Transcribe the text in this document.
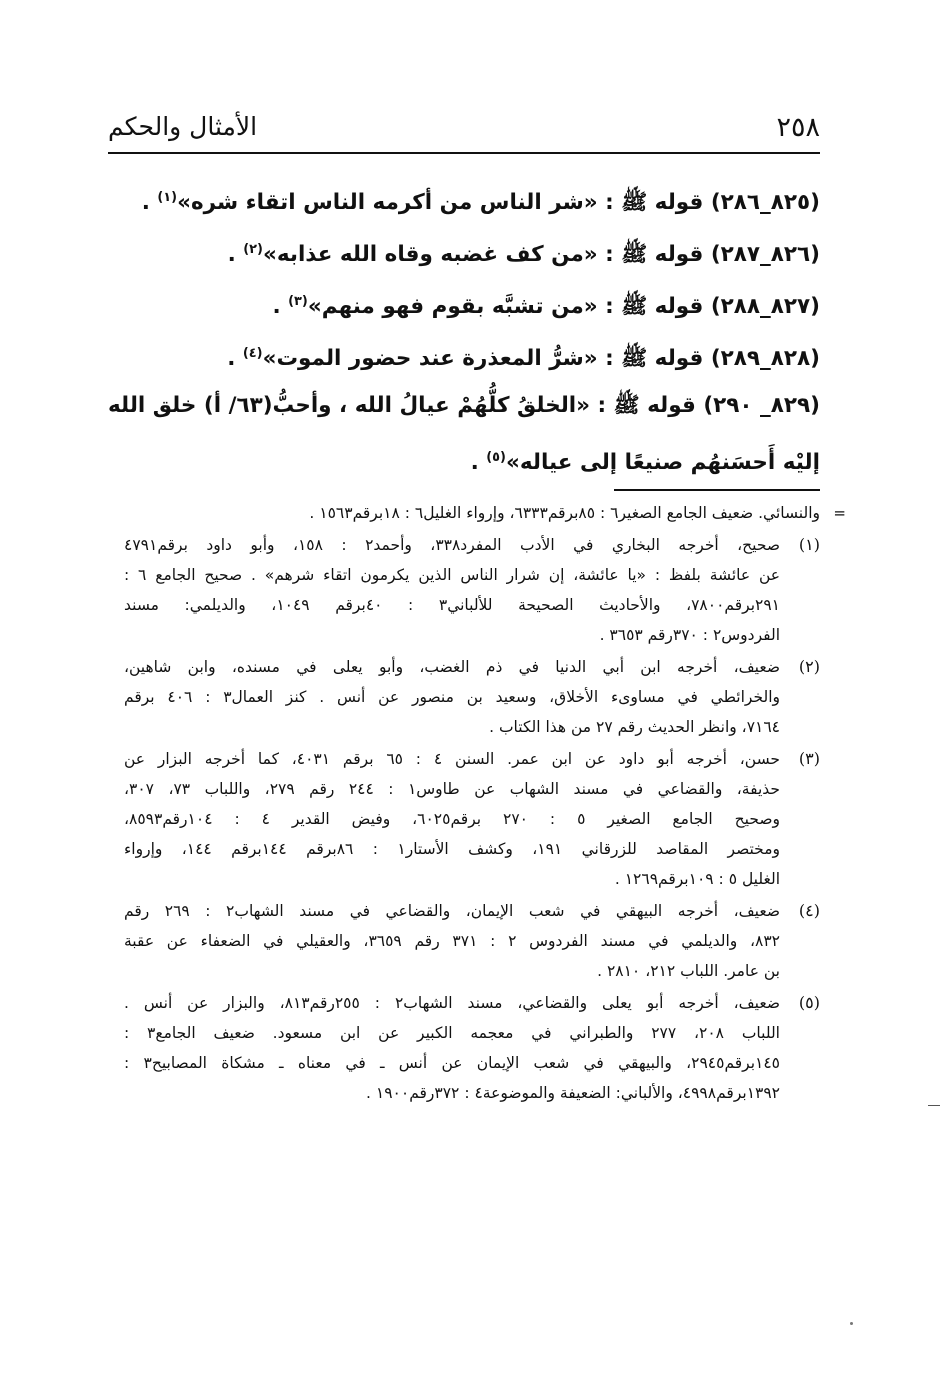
٢٥٨
الأمثال والحكم
(٨٢٥_٢٨٦) قوله ﷺ : «شر الناس من أكرمه الناس اتقاء شره»$^{(١)}$ .
(٨٢٦_٢٨٧) قوله ﷺ : «من كف غضبه وقاه الله عذابه»$^{(٢)}$ .
(٨٢٧_٢٨٨) قوله ﷺ : «من تشبَّه بقوم فهو منهم»$^{(٣)}$ .
(٨٢٨_٢٨٩) قوله ﷺ : «شرُّ المعذرة عند حضور الموت»$^{(٤)}$ .
(٨٢٩_ ٢٩٠) قوله ﷺ : «الخلقُ كلُّهُمْ عيالُ الله ، وأحبُّ(٦٣/ أ) خلق الله
إليْه أَحسَنهُم صنيعًا إلى عياله»$^{(٥)}$ .
=
والنسائي. ضعيف الجامع الصغير٦ : ٨٥برقم٦٣٣٣، وإرواء الغليل٦ : ١٨برقم١٥٦٣ .
(١)
صحيح، أخرجه البخاري في الأدب المفرد٣٣٨، وأحمد٢ : ١٥٨، وأبو داود برقم٤٧٩١
عن عائشة بلفظ : «يا عائشة، إن شرار الناس الذين يكرمون اتقاء شرهم» . صحيح الجامع ٦ :
٢٩١برقم٧٨٠٠، والأحاديث الصحيحة للألباني٣ : ٤٠برقم ١٠٤٩، والديلمي: مسند
الفردوس٢ : ٣٧٠رقم ٣٦٥٣ .
(٢)
ضعيف، أخرجه ابن أبي الدنيا في ذم الغضب، وأبو يعلى في مسنده، وابن شاهين،
والخرائطي في مساوىء الأخلاق، وسعيد بن منصور عن أنس . كنز العمال٣ : ٤٠٦ برقم
٧١٦٤، وانظر الحديث رقم ٢٧ من هذا الكتاب .
(٣)
حسن، أخرجه أبو داود عن ابن عمر. السنن ٤ : ٦٥ برقم ٤٠٣١، كما أخرجه البزار عن
حذيفة، والقضاعي في مسند الشهاب عن طاوس١ : ٢٤٤ رقم ٢٧٩، واللباب ٧٣، ٣٠٧،
وصحيح الجامع الصغير ٥ : ٢٧٠ برقم٦٠٢٥، وفيض القدير ٤ : ١٠٤رقم٨٥٩٣،
ومختصر المقاصد للزرقاني ١٩١، وكشف الأستار١ : ٨٦برقم ١٤٤برقم ١٤٤، وإرواء
الغليل ٥ : ١٠٩برقم١٢٦٩ .
(٤)
ضعيف، أخرجه البيهقي في شعب الإيمان، والقضاعي في مسند الشهاب٢ : ٢٦٩ رقم
٨٣٢، والديلمي في مسند الفردوس ٢ : ٣٧١ رقم ٣٦٥٩، والعقيلي في الضعفاء عن عقبة
بن عامر. اللباب ٢١٢، ٢٨١٠ .
(٥)
ضعيف، أخرجه أبو يعلى والقضاعي، مسند الشهاب٢ : ٢٥٥رقم٨١٣، والبزار عن أنس .
اللباب ٢٠٨، ٢٧٧ والطبراني في معجمه الكبير عن ابن مسعود. ضعيف الجامع٣ :
١٤٥برقم٢٩٤٥، والبيهقي في شعب الإيمان عن أنس ـ في معناه ـ مشكاة المصابيح٣ :
١٣٩٢برقم٤٩٩٨، والألباني: الضعيفة والموضوعة٤ : ٣٧٢رقم١٩٠٠ .
